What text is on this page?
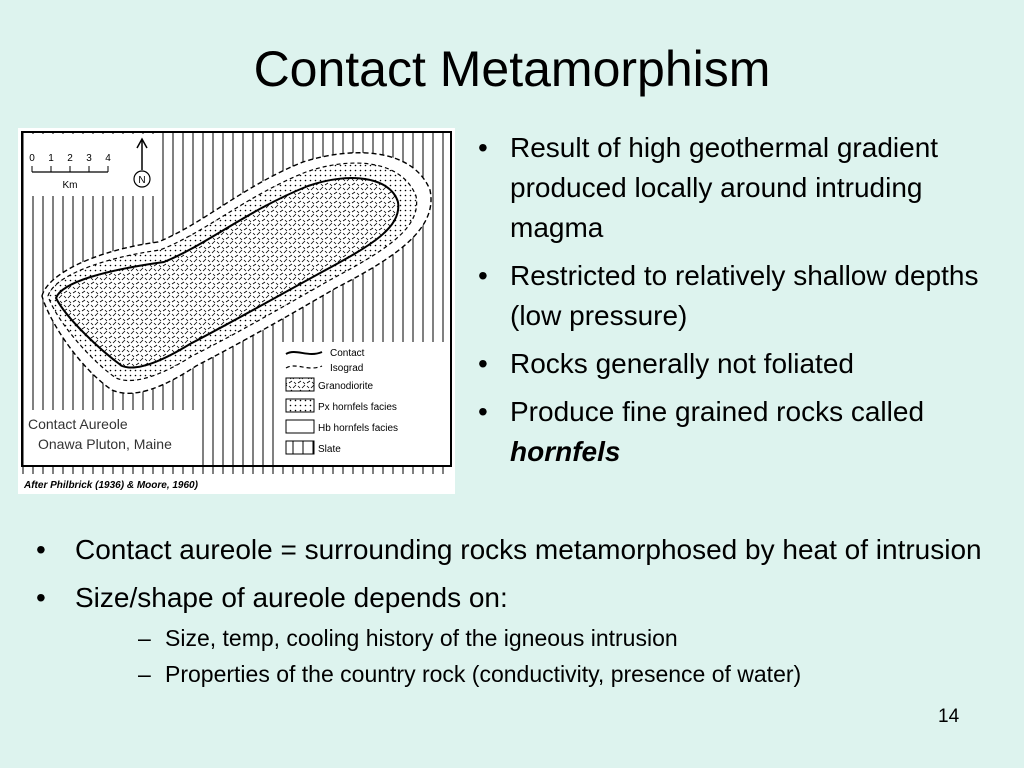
Contact Metamorphism
0 1 2 3 4
Km	N
Contact
Isograd
Granodiorite
Px hornfels facies
Hb hornfels facies
Slate
Contact Aureole
Onawa Pluton, Maine
After Philbrick (1936) & Moore, 1960)
• Result of high geothermal gradient produced locally around intruding magma
• Restricted to relatively shallow depths (low pressure)
• Rocks generally not foliated
• Produce fine grained rocks called hornfels
• Contact aureole = surrounding rocks metamorphosed by heat of intrusion
• Size/shape of aureole depends on:
– Size, temp, cooling history of the igneous intrusion
– Properties of the country rock (conductivity, presence of water)
14
